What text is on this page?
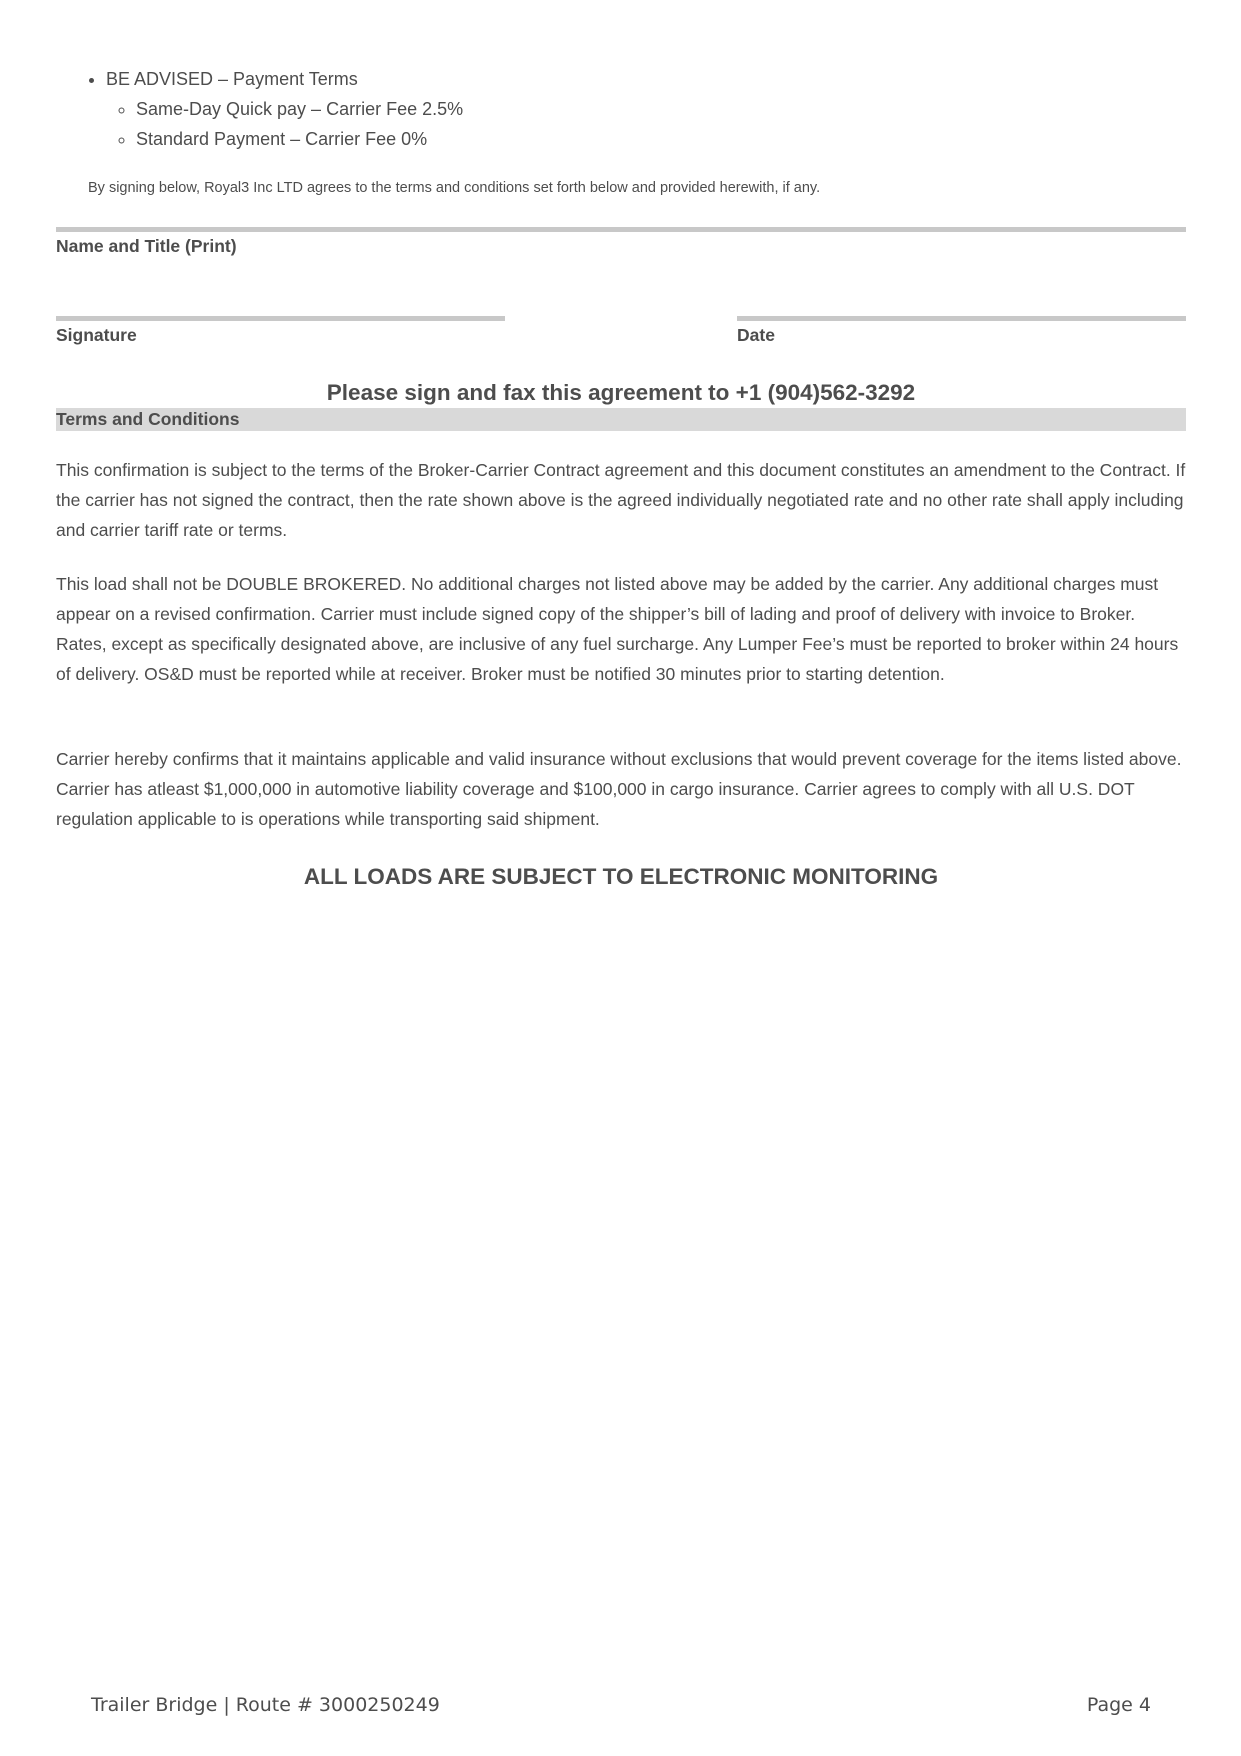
• BE ADVISED – Payment Terms
◦ Same-Day Quick pay – Carrier Fee 2.5%
◦ Standard Payment – Carrier Fee 0%

By signing below, Royal3 Inc LTD agrees to the terms and conditions set forth below and provided herewith, if any.

Name and Title (Print)

Signature	Date

Please sign and fax this agreement to +1 (904)562-3292

Terms and Conditions

This confirmation is subject to the terms of the Broker-Carrier Contract agreement and this document constitutes an amendment to the Contract. If the carrier has not signed the contract, then the rate shown above is the agreed individually negotiated rate and no other rate shall apply including and carrier tariff rate or terms.

This load shall not be DOUBLE BROKERED. No additional charges not listed above may be added by the carrier. Any additional charges must appear on a revised confirmation. Carrier must include signed copy of the shipper’s bill of lading and proof of delivery with invoice to Broker. Rates, except as specifically designated above, are inclusive of any fuel surcharge. Any Lumper Fee’s must be reported to broker within 24 hours of delivery. OS&D must be reported while at receiver. Broker must be notified 30 minutes prior to starting detention.

Carrier hereby confirms that it maintains applicable and valid insurance without exclusions that would prevent coverage for the items listed above. Carrier has atleast $1,000,000 in automotive liability coverage and $100,000 in cargo insurance. Carrier agrees to comply with all U.S. DOT regulation applicable to is operations while transporting said shipment.

ALL LOADS ARE SUBJECT TO ELECTRONIC MONITORING

Trailer Bridge | Route # 3000250249	Page 4
